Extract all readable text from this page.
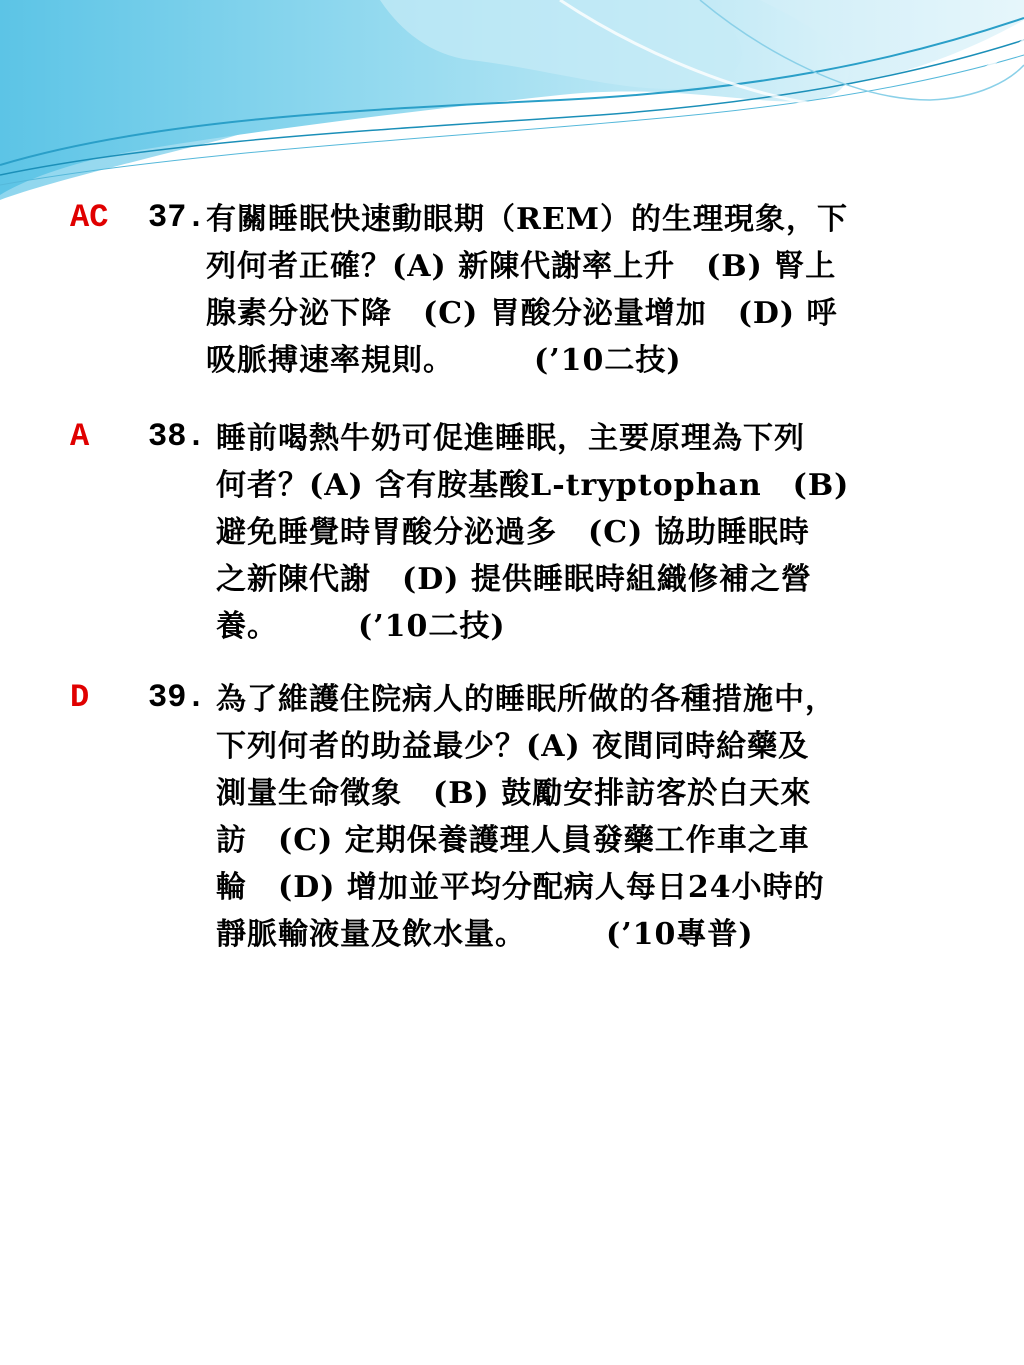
AC 37. 有關睡眠快速動眼期（REM）的生理現象，下
列何者正確？(A) 新陳代謝率上升　(B) 腎上
腺素分泌下降　(C) 胃酸分泌量增加　(D) 呼
吸脈搏速率規則。	(’10二技)
A 38. 睡前喝熱牛奶可促進睡眠，主要原理為下列
何者？(A) 含有胺基酸L-tryptophan　(B)
避免睡覺時胃酸分泌過多　(C) 協助睡眠時
之新陳代謝　(D) 提供睡眠時組織修補之營
養。	(’10二技)
D 39. 為了維護住院病人的睡眠所做的各種措施中，
下列何者的助益最少？(A) 夜間同時給藥及
測量生命徵象　(B) 鼓勵安排訪客於白天來
訪　(C) 定期保養護理人員發藥工作車之車
輪　(D) 增加並平均分配病人每日24小時的
靜脈輸液量及飲水量。	(’10專普)
